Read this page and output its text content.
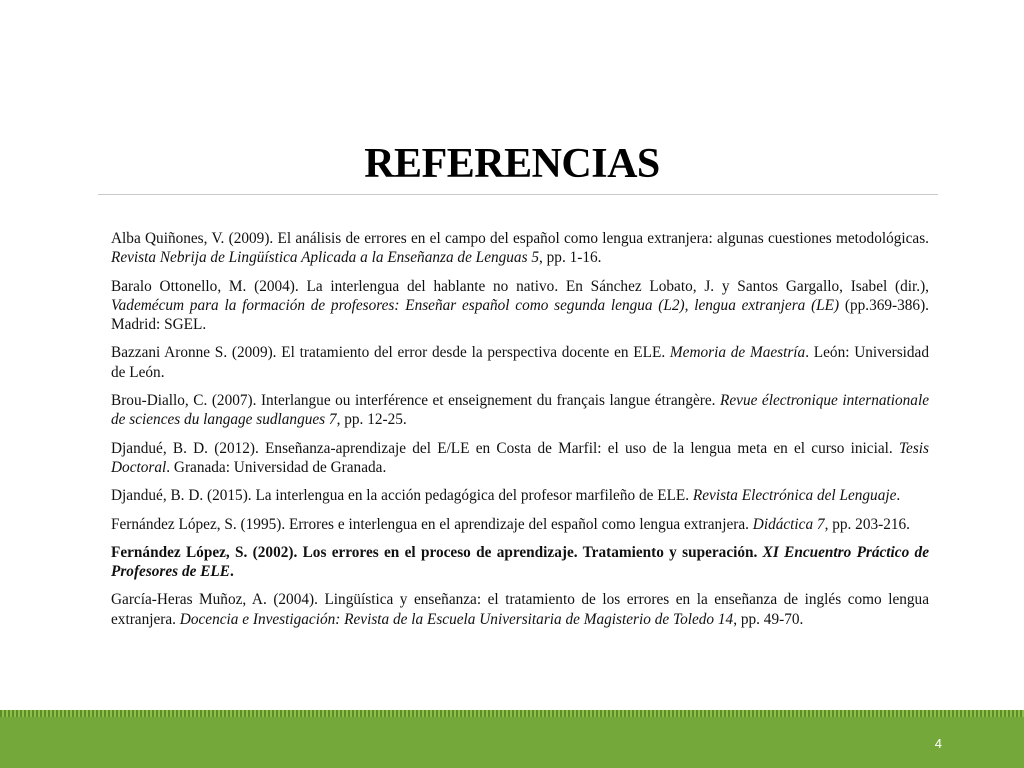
REFERENCIAS

Alba Quiñones, V. (2009). El análisis de errores en el campo del español como lengua extranjera: algunas cuestiones metodológicas. Revista Nebrija de Lingüística Aplicada a la Enseñanza de Lenguas 5, pp. 1-16.

Baralo Ottonello, M. (2004). La interlengua del hablante no nativo. En Sánchez Lobato, J. y Santos Gargallo, Isabel (dir.), Vademécum para la formación de profesores: Enseñar español como segunda lengua (L2), lengua extranjera (LE) (pp.369-386). Madrid: SGEL.

Bazzani Aronne S. (2009). El tratamiento del error desde la perspectiva docente en ELE. Memoria de Maestría. León: Universidad de León.

Brou-Diallo, C. (2007). Interlangue ou interférence et enseignement du français langue étrangère. Revue électronique internationale de sciences du langage sudlangues 7, pp. 12-25.

Djandué, B. D. (2012). Enseñanza-aprendizaje del E/LE en Costa de Marfil: el uso de la lengua meta en el curso inicial. Tesis Doctoral. Granada: Universidad de Granada.

Djandué, B. D. (2015). La interlengua en la acción pedagógica del profesor marfileño de ELE. Revista Electrónica del Lenguaje.

Fernández López, S. (1995). Errores e interlengua en el aprendizaje del español como lengua extranjera. Didáctica 7, pp. 203-216.

Fernández López, S. (2002). Los errores en el proceso de aprendizaje. Tratamiento y superación. XI Encuentro Práctico de Profesores de ELE.

García-Heras Muñoz, A. (2004). Lingüística y enseñanza: el tratamiento de los errores en la enseñanza de inglés como lengua extranjera. Docencia e Investigación: Revista de la Escuela Universitaria de Magisterio de Toledo 14, pp. 49-70.

4
